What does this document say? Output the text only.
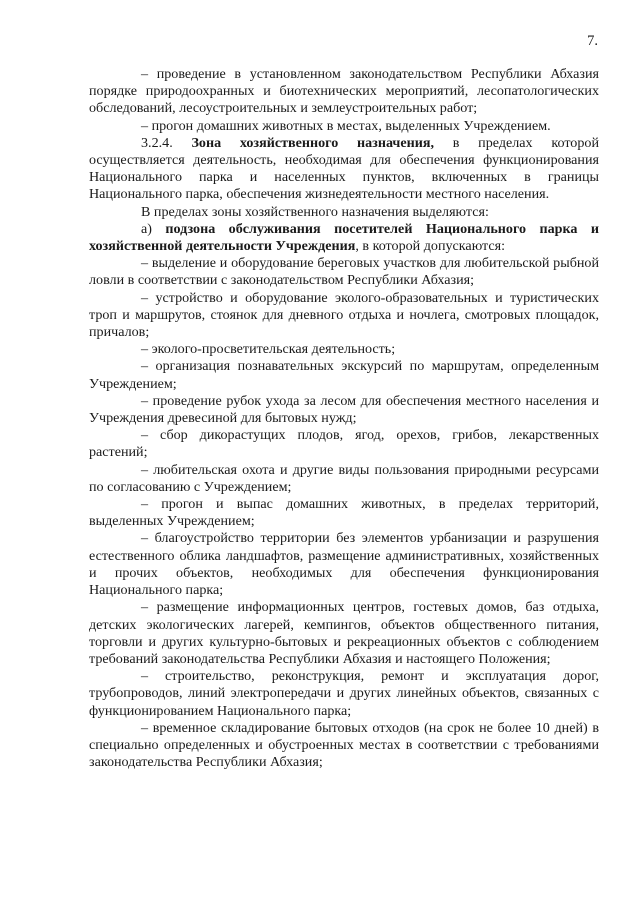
7.

– проведение в установленном законодательством Республики Абхазия порядке природоохранных и биотехнических мероприятий, лесопатологических обследований, лесоустроительных и землеустроительных работ;

– прогон домашних животных в местах, выделенных Учреждением.

3.2.4. Зона хозяйственного назначения, в пределах которой осуществляется деятельность, необходимая для обеспечения функционирования Национального парка и населенных пунктов, включенных в границы Национального парка, обеспечения жизнедеятельности местного населения.

В пределах зоны хозяйственного назначения выделяются:

а) подзона обслуживания посетителей Национального парка и хозяйственной деятельности Учреждения, в которой допускаются:

– выделение и оборудование береговых участков для любительской рыбной ловли в соответствии с законодательством Республики Абхазия;

– устройство и оборудование эколого-образовательных и туристических троп и маршрутов, стоянок для дневного отдыха и ночлега, смотровых площадок, причалов;

– эколого-просветительская деятельность;

– организация познавательных экскурсий по маршрутам, определенным Учреждением;

– проведение рубок ухода за лесом для обеспечения местного населения и Учреждения древесиной для бытовых нужд;

– сбор дикорастущих плодов, ягод, орехов, грибов, лекарственных растений;

– любительская охота и другие виды пользования природными ресурсами по согласованию с Учреждением;

– прогон и выпас домашних животных, в пределах территорий, выделенных Учреждением;

– благоустройство территории без элементов урбанизации и разрушения естественного облика ландшафтов, размещение административных, хозяйственных и прочих объектов, необходимых для обеспечения функционирования Национального парка;

– размещение информационных центров, гостевых домов, баз отдыха, детских экологических лагерей, кемпингов, объектов общественного питания, торговли и других культурно-бытовых и рекреационных объектов с соблюдением требований законодательства Республики Абхазия и настоящего Положения;

– строительство, реконструкция, ремонт и эксплуатация дорог, трубопроводов, линий электропередачи и других линейных объектов, связанных с функционированием Национального парка;

– временное складирование бытовых отходов (на срок не более 10 дней) в специально определенных и обустроенных местах в соответствии с требованиями законодательства Республики Абхазия;
